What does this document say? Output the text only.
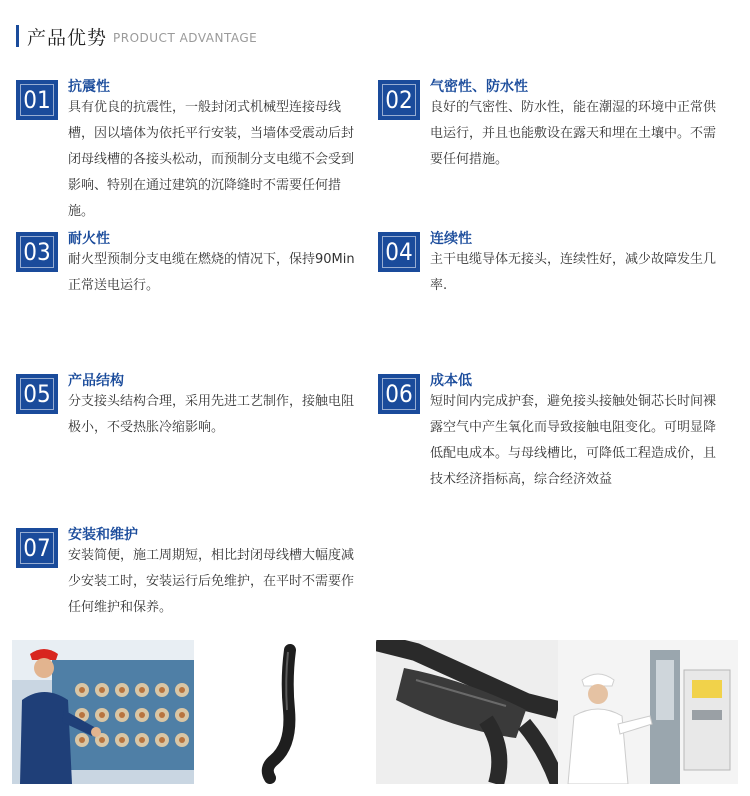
产品优势 PRODUCT ADVANTAGE
01	抗震性
具有优良的抗震性，一般封闭式机械型连接母线槽，因以墙体为依托平行安装，当墙体受震动后封闭母线槽的各接头松动，而预制分支电缆不会受到影响、特别在通过建筑的沉降缝时不需要任何措施。
02	气密性、防水性
良好的气密性、防水性，能在潮湿的环境中正常供电运行，并且也能敷设在露天和埋在土壤中。不需要任何措施。
03	耐火性
耐火型预制分支电缆在燃烧的情况下，保持90Min正常送电运行。
04	连续性
主干电缆导体无接头，连续性好，减少故障发生几率.
05	产品结构
分支接头结构合理，采用先进工艺制作，接触电阻极小，不受热胀冷缩影响。
06	成本低
短时间内完成护套，避免接头接触处铜芯长时间裸露空气中产生氧化而导致接触电阻变化。可明显降低配电成本。与母线槽比，可降低工程造成价，且技术经济指标高，综合经济效益
07	安装和维护
安装简便，施工周期短，相比封闭母线槽大幅度减少安装工时，安装运行后免维护，在平时不需要作任何维护和保养。
